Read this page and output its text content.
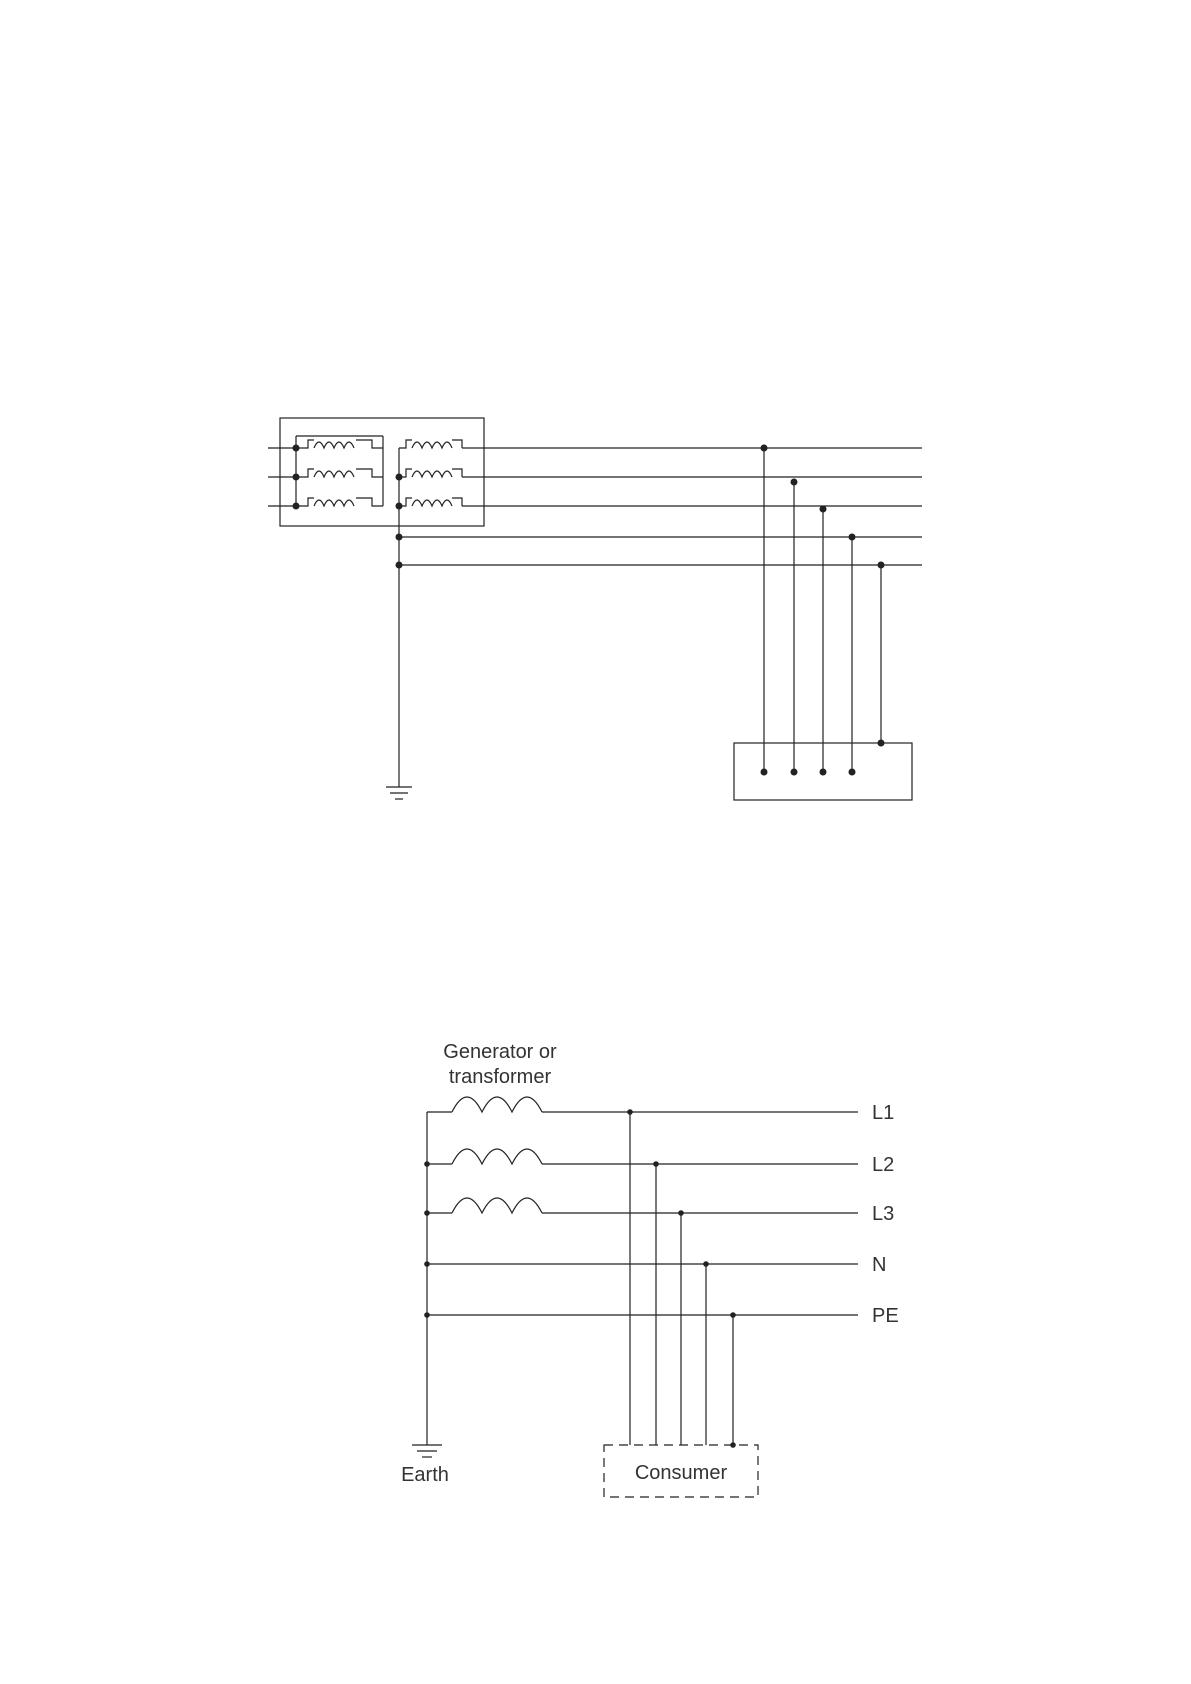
Generator or
transformer
L1
L2
L3
N
PE
Earth	Consumer
